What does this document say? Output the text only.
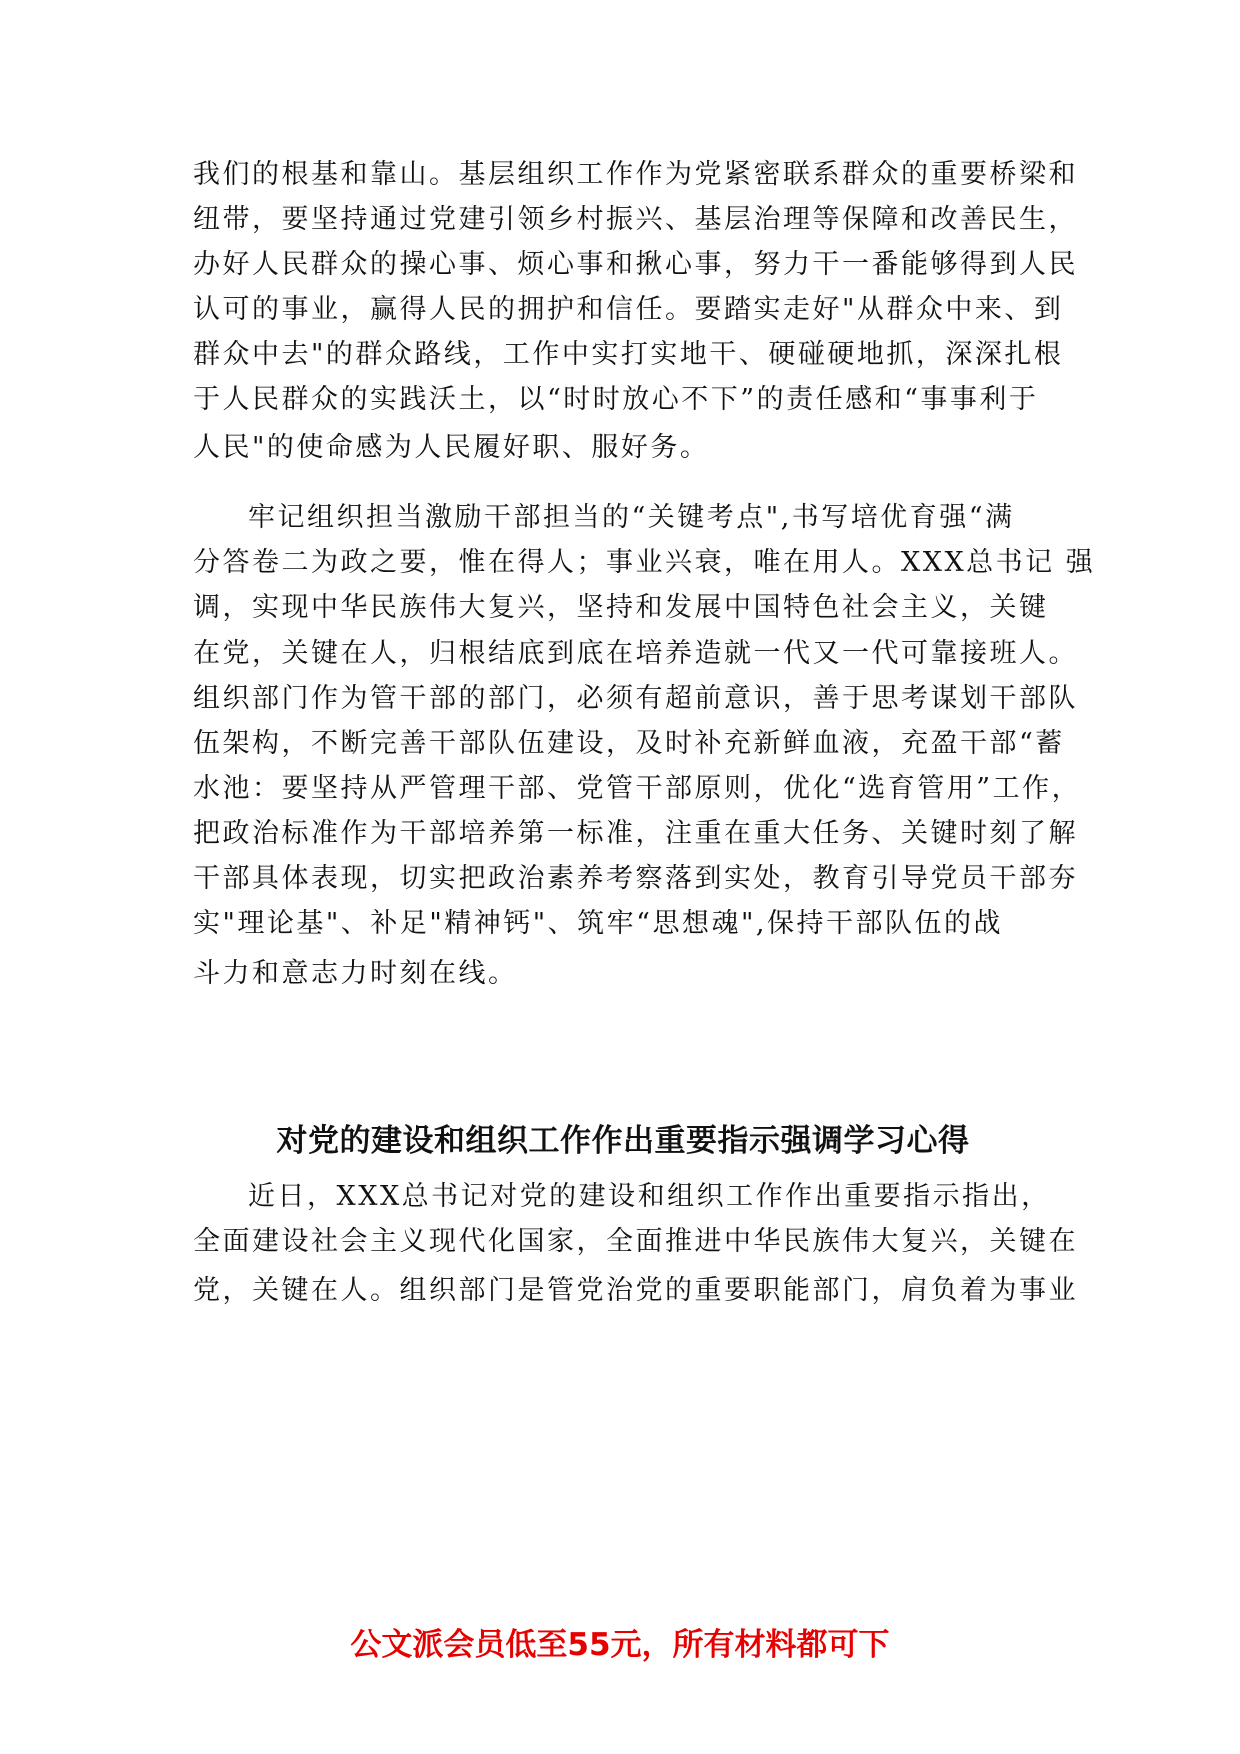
我们的根基和靠山。基层组织工作作为党紧密联系群众的重要桥梁和
纽带，要坚持通过党建引领乡村振兴、基层治理等保障和改善民生，
办好人民群众的操心事、烦心事和揪心事，努力干一番能够得到人民
认可的事业，赢得人民的拥护和信任。要踏实走好"从群众中来、到
群众中去"的群众路线，工作中实打实地干、硬碰硬地抓，深深扎根
于人民群众的实践沃土，以“时时放心不下”的责任感和“事事利于
人民"的使命感为人民履好职、服好务。
牢记组织担当激励干部担当的“关键考点",书写培优育强“满
分答卷二为政之要，惟在得人；事业兴衰，唯在用人。XXX总书记 强
调，实现中华民族伟大复兴，坚持和发展中国特色社会主义，关键
在党，关键在人，归根结底到底在培养造就一代又一代可靠接班人。
组织部门作为管干部的部门，必须有超前意识，善于思考谋划干部队
伍架构，不断完善干部队伍建设，及时补充新鲜血液，充盈干部“蓄
水池：要坚持从严管理干部、党管干部原则，优化“选育管用”工作，
把政治标准作为干部培养第一标准，注重在重大任务、关键时刻了解
干部具体表现，切实把政治素养考察落到实处，教育引导党员干部夯
实"理论基"、补足"精神钙"、筑牢“思想魂",保持干部队伍的战
斗力和意志力时刻在线。
对党的建设和组织工作作出重要指示强调学习心得
近日，XXX总书记对党的建设和组织工作作出重要指示指出，
全面建设社会主义现代化国家，全面推进中华民族伟大复兴，关键在
党，关键在人。组织部门是管党治党的重要职能部门，肩负着为事业
公文派会员低至55元，所有材料都可下
